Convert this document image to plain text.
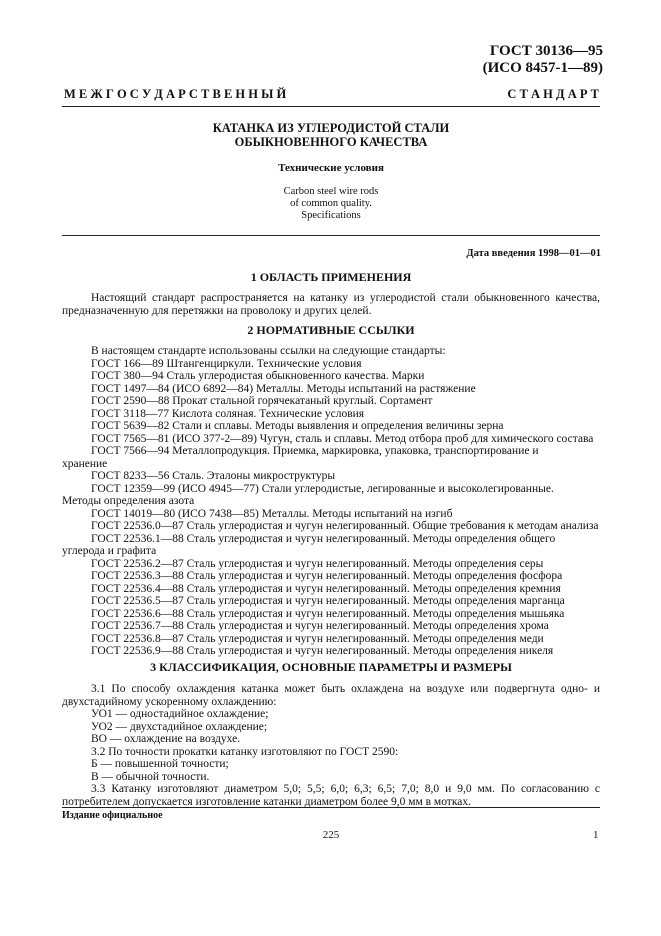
ГОСТ 30136—95
(ИСО 8457-1—89)
М Е Ж Г О С У Д А Р С Т В Е Н Н Ы Й	С Т А Н Д А Р Т
КАТАНКА ИЗ УГЛЕРОДИСТОЙ СТАЛИ
ОБЫКНОВЕННОГО КАЧЕСТВА
Технические условия
Carbon steel wire rods
of common quality.
Specifications
Дата введения 1998—01—01
1 ОБЛАСТЬ ПРИМЕНЕНИЯ
Настоящий стандарт распространяется на катанку из углеродистой стали обыкновенного качества, предназначенную для перетяжки на проволоку и других целей.
2 НОРМАТИВНЫЕ ССЫЛКИ
В настоящем стандарте использованы ссылки на следующие стандарты:
ГОСТ 166—89 Штангенциркули. Технические условия
ГОСТ 380—94 Сталь углеродистая обыкновенного качества. Марки
ГОСТ 1497—84 (ИСО 6892—84) Металлы. Методы испытаний на растяжение
ГОСТ 2590—88 Прокат стальной горячекатаный круглый. Сортамент
ГОСТ 3118—77 Кислота соляная. Технические условия
ГОСТ 5639—82 Стали и сплавы. Методы выявления и определения величины зерна
ГОСТ 7565—81 (ИСО 377-2—89) Чугун, сталь и сплавы. Метод отбора проб для химического состава
ГОСТ 7566—94 Металлопродукция. Приемка, маркировка, упаковка, транспортирование и
хранение
ГОСТ 8233—56 Сталь. Эталоны микроструктуры
ГОСТ 12359—99 (ИСО 4945—77) Стали углеродистые, легированные и высоколегированные.
Методы определения азота
ГОСТ 14019—80 (ИСО 7438—85) Металлы. Методы испытаний на изгиб
ГОСТ 22536.0—87 Сталь углеродистая и чугун нелегированный. Общие требования к методам анализа
ГОСТ 22536.1—88 Сталь углеродистая и чугун нелегированный. Методы определения общего
углерода и графита
ГОСТ 22536.2—87 Сталь углеродистая и чугун нелегированный. Методы определения серы
ГОСТ 22536.3—88 Сталь углеродистая и чугун нелегированный. Методы определения фосфора
ГОСТ 22536.4—88 Сталь углеродистая и чугун нелегированный. Методы определения кремния
ГОСТ 22536.5—87 Сталь углеродистая и чугун нелегированный. Методы определения марганца
ГОСТ 22536.6—88 Сталь углеродистая и чугун нелегированный. Методы определения мышьяка
ГОСТ 22536.7—88 Сталь углеродистая и чугун нелегированный. Методы определения хрома
ГОСТ 22536.8—87 Сталь углеродистая и чугун нелегированный. Методы определения меди
ГОСТ 22536.9—88 Сталь углеродистая и чугун нелегированный. Методы определения никеля
3 КЛАССИФИКАЦИЯ, ОСНОВНЫЕ ПАРАМЕТРЫ И РАЗМЕРЫ
3.1 По способу охлаждения катанка может быть охлаждена на воздухе или подвергнута одно- и двухстадийному ускоренному охлаждению:
УО1 — одностадийное охлаждение;
УО2 — двухстадийное охлаждение;
ВО — охлаждение на воздухе.
3.2 По точности прокатки катанку изготовляют по ГОСТ 2590:
Б — повышенной точности;
В — обычной точности.
3.3 Катанку изготовляют диаметром 5,0; 5,5; 6,0; 6,3; 6,5; 7,0; 8,0 и 9,0 мм. По согласованию с потребителем допускается изготовление катанки диаметром более 9,0 мм в мотках.
Издание официальное
225	1
